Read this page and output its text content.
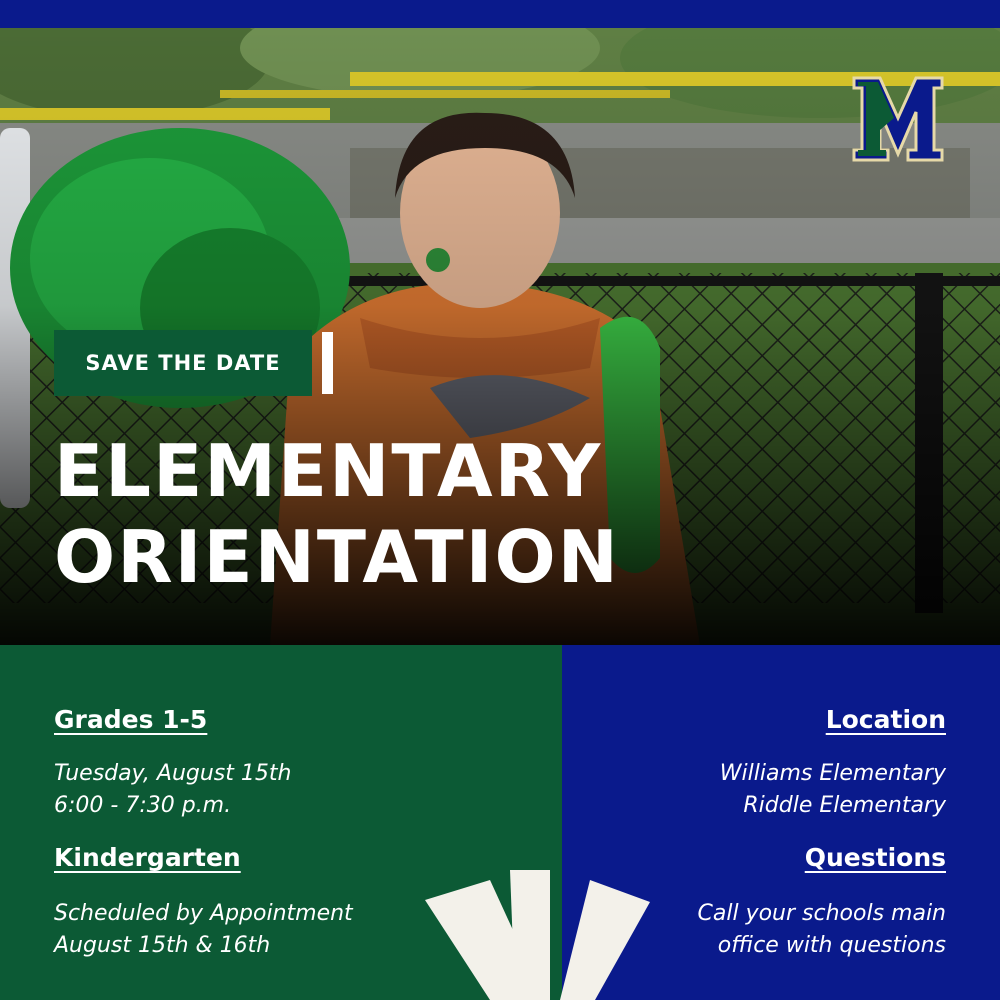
SAVE THE DATE
ELEMENTARY
ORIENTATION
Grades 1-5
Tuesday, August 15th
6:00 - 7:30 p.m.
Kindergarten
Scheduled by Appointment
August 15th & 16th
Location
Williams Elementary
Riddle Elementary
Questions
Call your schools main
office with questions
